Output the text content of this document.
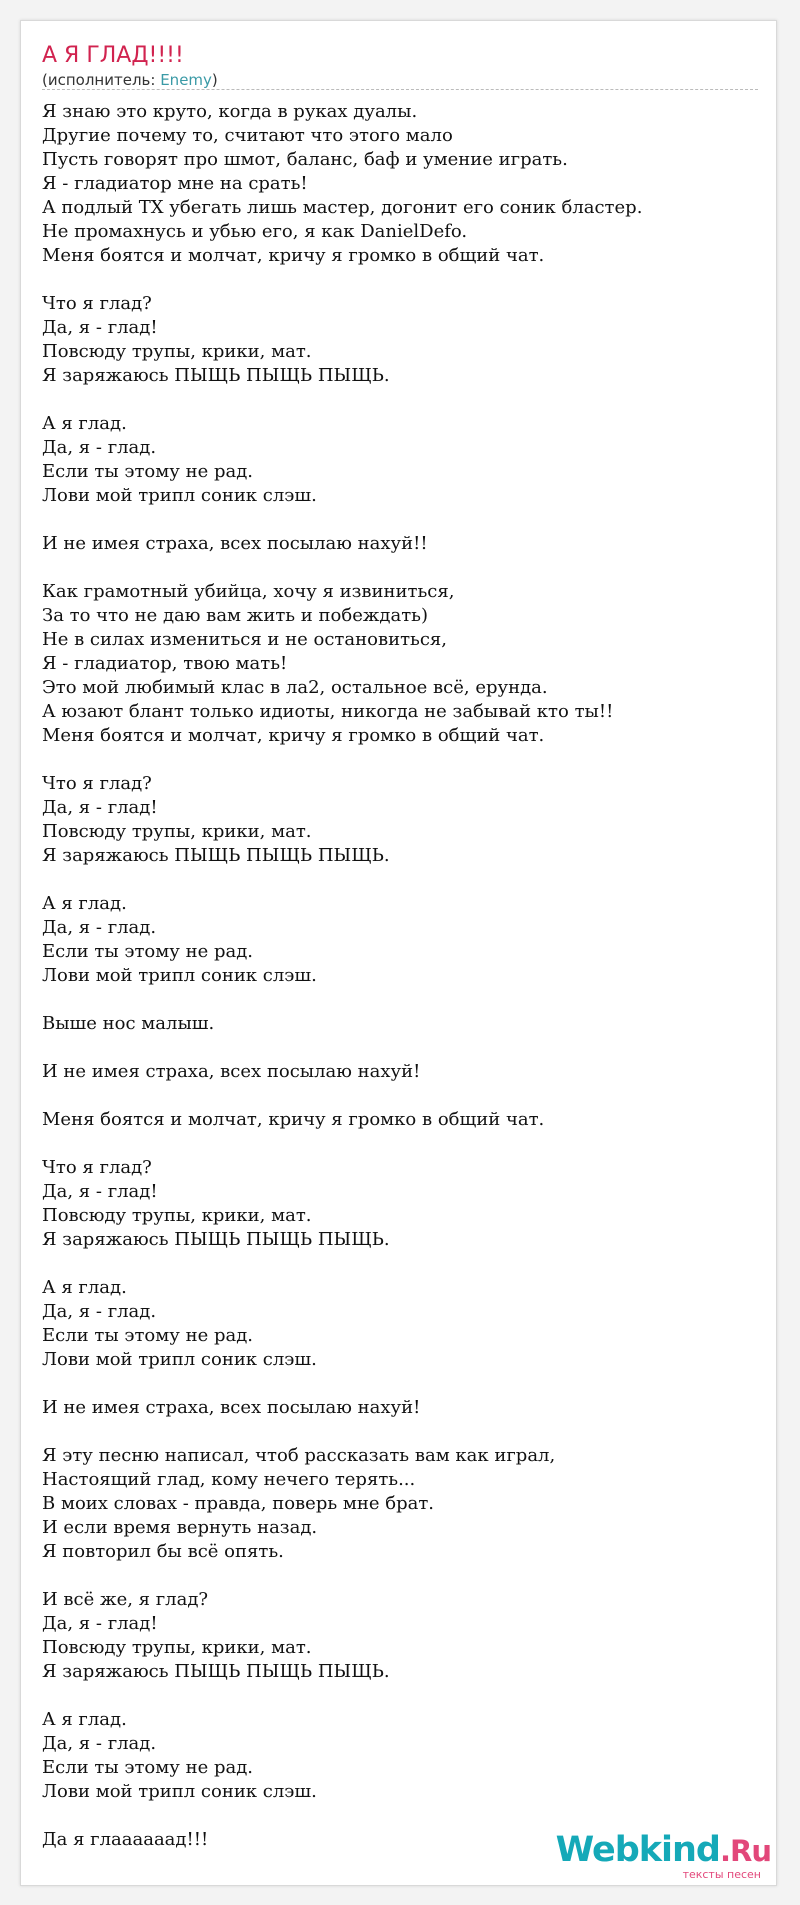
А Я ГЛАД!!!!
(исполнитель: Enemy)
Я знаю это круто, когда в руках дуалы.
Другие почему то, считают что этого мало
Пусть говорят про шмот, баланс, баф и умение играть.
Я - гладиатор мне на срать!
А подлый ТХ убегать лишь мастер, догонит его соник бластер.
Не промахнусь и убью его, я как DanielDefo.
Меня боятся и молчат, кричу я громко в общий чат.
Что я глад?
Да, я - глад!
Повсюду трупы, крики, мат.
Я заряжаюсь ПЫЩЬ ПЫЩЬ ПЫЩЬ.
А я глад.
Да, я - глад.
Если ты этому не рад.
Лови мой трипл соник слэш.
И не имея страха, всех посылаю нахуй!!
Как грамотный убийца, хочу я извиниться,
За то что не даю вам жить и побеждать)
Не в силах измениться и не остановиться,
Я - гладиатор, твою мать!
Это мой любимый клас в ла2, остальное всё, ерунда.
А юзают блант только идиоты, никогда не забывай кто ты!!
Меня боятся и молчат, кричу я громко в общий чат.
Что я глад?
Да, я - глад!
Повсюду трупы, крики, мат.
Я заряжаюсь ПЫЩЬ ПЫЩЬ ПЫЩЬ.
А я глад.
Да, я - глад.
Если ты этому не рад.
Лови мой трипл соник слэш.
Выше нос малыш.
И не имея страха, всех посылаю нахуй!
Меня боятся и молчат, кричу я громко в общий чат.
Что я глад?
Да, я - глад!
Повсюду трупы, крики, мат.
Я заряжаюсь ПЫЩЬ ПЫЩЬ ПЫЩЬ.
А я глад.
Да, я - глад.
Если ты этому не рад.
Лови мой трипл соник слэш.
И не имея страха, всех посылаю нахуй!
Я эту песню написал, чтоб рассказать вам как играл,
Настоящий глад, кому нечего терять...
В моих словах - правда, поверь мне брат.
И если время вернуть назад.
Я повторил бы всё опять.
И всё же, я глад?
Да, я - глад!
Повсюду трупы, крики, мат.
Я заряжаюсь ПЫЩЬ ПЫЩЬ ПЫЩЬ.
А я глад.
Да, я - глад.
Если ты этому не рад.
Лови мой трипл соник слэш.
Да я глаааааад!!!	Webkind.Ru
тексты песен
